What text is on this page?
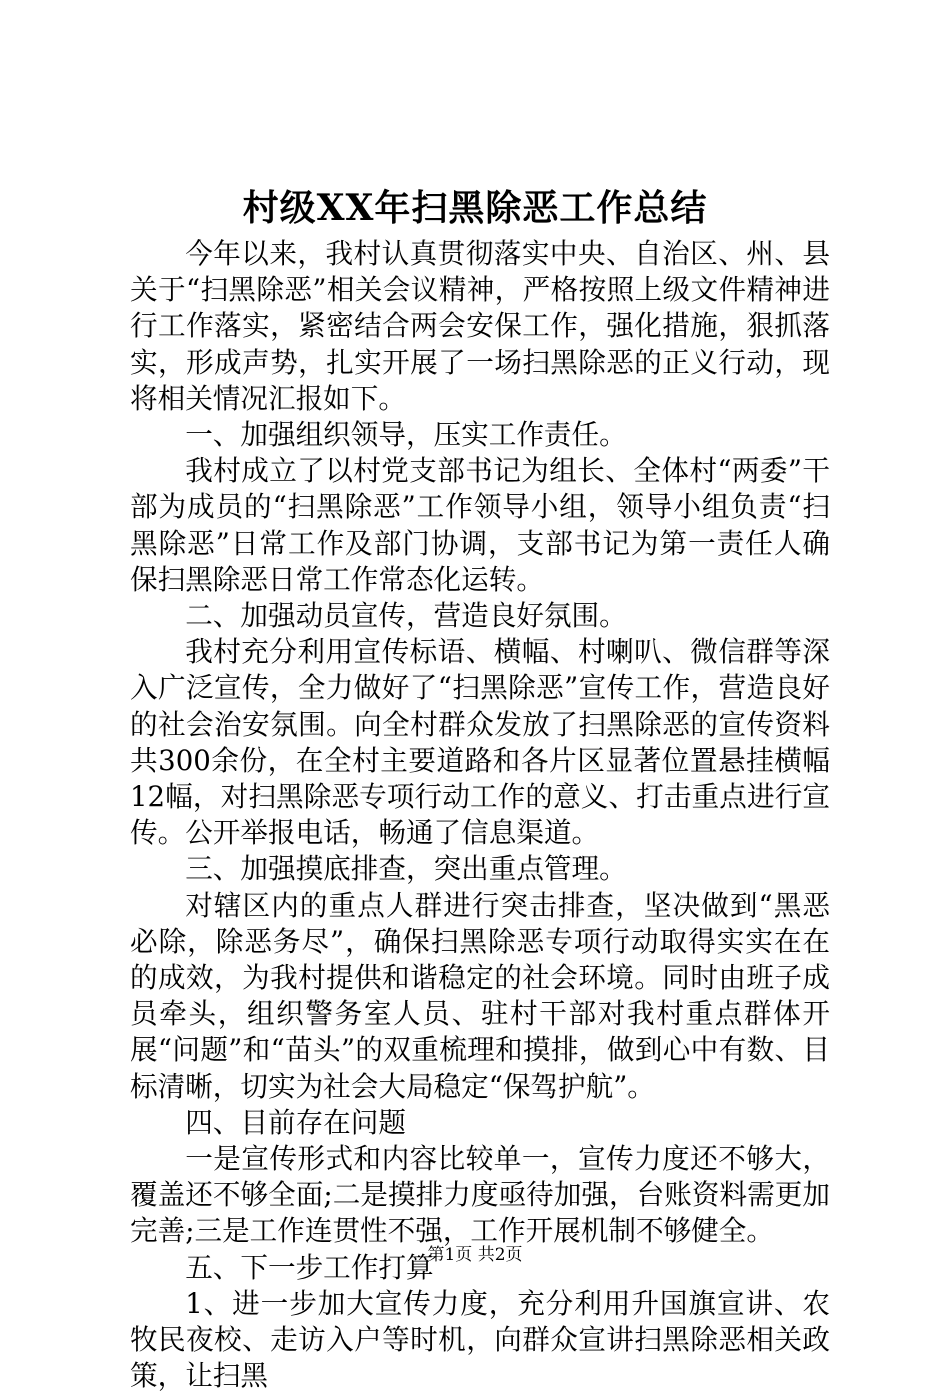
村级XX年扫黑除恶工作总结

今年以来，我村认真贯彻落实中央、自治区、州、县关于“扫黑除恶”相关会议精神，严格按照上级文件精神进行工作落实，紧密结合两会安保工作，强化措施，狠抓落实，形成声势，扎实开展了一场扫黑除恶的正义行动，现将相关情况汇报如下。

一、加强组织领导，压实工作责任。

我村成立了以村党支部书记为组长、全体村“两委”干部为成员的“扫黑除恶”工作领导小组，领导小组负责“扫黑除恶”日常工作及部门协调，支部书记为第一责任人确保扫黑除恶日常工作常态化运转。

二、加强动员宣传，营造良好氛围。

我村充分利用宣传标语、横幅、村喇叭、微信群等深入广泛宣传，全力做好了“扫黑除恶”宣传工作，营造良好的社会治安氛围。向全村群众发放了扫黑除恶的宣传资料共300余份，在全村主要道路和各片区显著位置悬挂横幅12幅，对扫黑除恶专项行动工作的意义、打击重点进行宣传。公开举报电话，畅通了信息渠道。

三、加强摸底排查，突出重点管理。

对辖区内的重点人群进行突击排查，坚决做到“黑恶必除，除恶务尽”，确保扫黑除恶专项行动取得实实在在的成效，为我村提供和谐稳定的社会环境。同时由班子成员牵头，组织警务室人员、驻村干部对我村重点群体开展“问题”和“苗头”的双重梳理和摸排，做到心中有数、目标清晰，切实为社会大局稳定“保驾护航”。

四、目前存在问题

一是宣传形式和内容比较单一，宣传力度还不够大，覆盖还不够全面;二是摸排力度亟待加强，台账资料需更加完善;三是工作连贯性不强，工作开展机制不够健全。

五、下一步工作打算

1、进一步加大宣传力度，充分利用升国旗宣讲、农牧民夜校、走访入户等时机，向群众宣讲扫黑除恶相关政策，让扫黑

第1页 共2页
